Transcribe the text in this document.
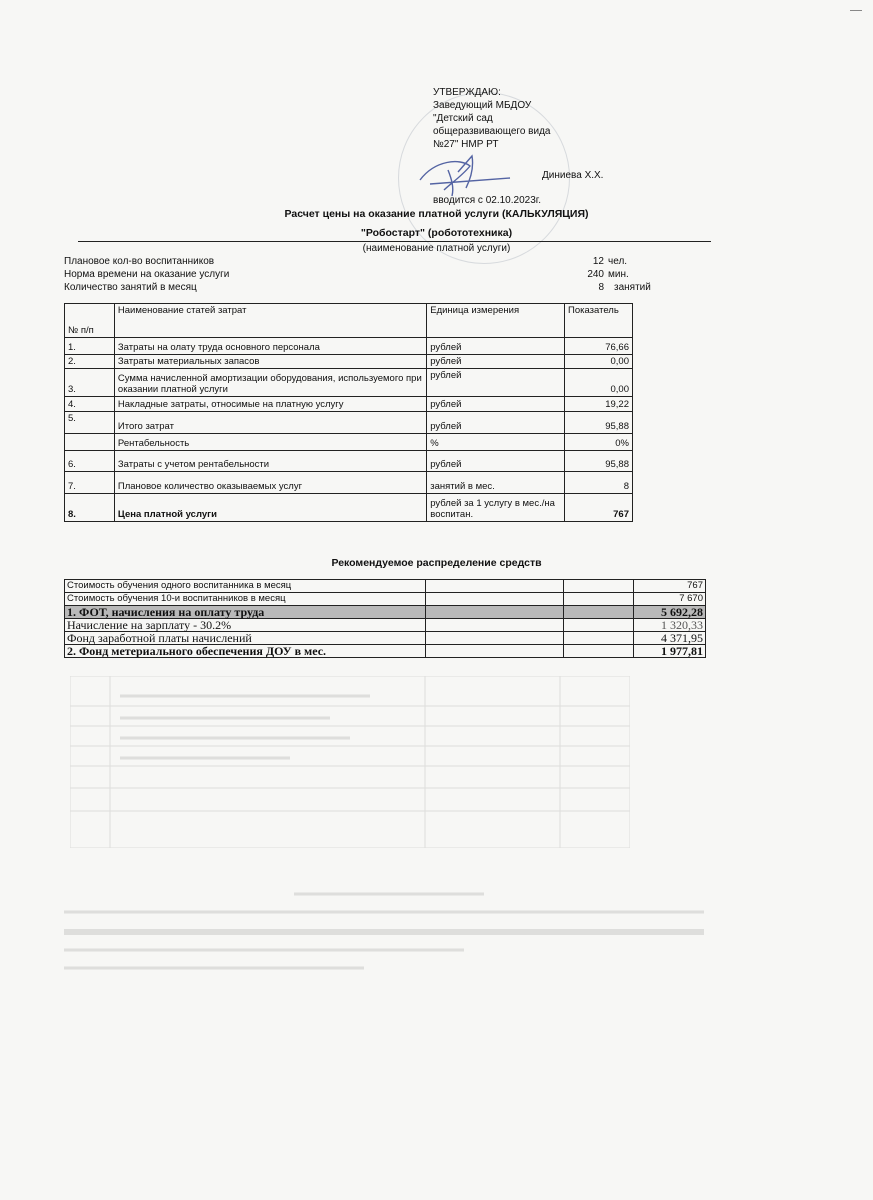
УТВЕРЖДАЮ:
Заведующий МБДОУ
"Детский сад
общеразвивающего вида
№27" НМР РТ
Диниева Х.Х.
вводится с 02.10.2023г.
Расчет цены на оказание платной услуги (КАЛЬКУЛЯЦИЯ)
"Робостарт" (робототехника)
(наименование платной услуги)
Плановое кол-во воспитанников	12 чел.
Норма времени на оказание услуги	240 мин.
Количество занятий в месяц	8 занятий
№ п/п	Наименование статей затрат	Единица измерения	Показатель
1.	Затраты на олату труда основного персонала	рублей	76,66
2.	Затраты материальных запасов	рублей	0,00
3.	Сумма начисленной амортизации оборудования, используемого при оказании платной услуги	рублей	0,00
4.	Накладные затраты, относимые на платную услугу	рублей	19,22
5.	Итого затрат	рублей	95,88
	Рентабельность	%	0%
6.	Затраты с учетом рентабельности	рублей	95,88
7.	Плановое количество оказываемых услуг	занятий в мес.	8
8.	Цена платной услуги	рублей за 1 услугу в мес./на воспитан.	767
Рекомендуемое распределение средств
Стоимость обучения одного воспитанника в месяц			767
Стоимость обучения 10-и воспитанников в месяц			7 670
1. ФОТ, начисления на оплату труда			5 692,28
Начисление на зарплату - 30.2%			1 320,33
Фонд заработной платы начислений			4 371,95
2. Фонд метериального обеспечения ДОУ в мес.			1 977,81
